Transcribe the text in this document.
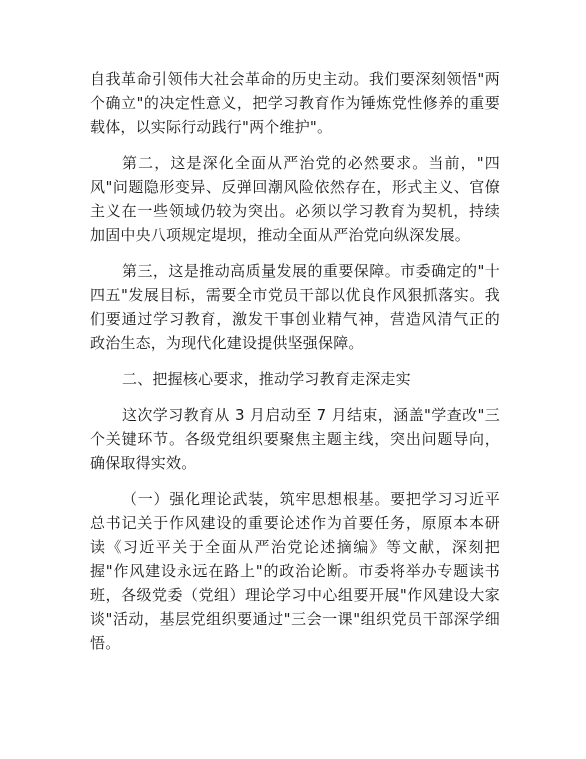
自我革命引领伟大社会革命的历史主动。我们要深刻领悟"两个确立"的决定性意义，把学习教育作为锤炼党性修养的重要载体，以实际行动践行"两个维护"。

第二，这是深化全面从严治党的必然要求。当前，"四风"问题隐形变异、反弹回潮风险依然存在，形式主义、官僚主义在一些领域仍较为突出。必须以学习教育为契机，持续加固中央八项规定堤坝，推动全面从严治党向纵深发展。

第三，这是推动高质量发展的重要保障。市委确定的"十四五"发展目标，需要全市党员干部以优良作风狠抓落实。我们要通过学习教育，激发干事创业精气神，营造风清气正的政治生态，为现代化建设提供坚强保障。

二、把握核心要求，推动学习教育走深走实

这次学习教育从 3 月启动至 7 月结束，涵盖"学查改"三个关键环节。各级党组织要聚焦主题主线，突出问题导向，确保取得实效。

（一）强化理论武装，筑牢思想根基。要把学习习近平总书记关于作风建设的重要论述作为首要任务，原原本本研读《习近平关于全面从严治党论述摘编》等文献，深刻把握"作风建设永远在路上"的政治论断。市委将举办专题读书班，各级党委（党组）理论学习中心组要开展"作风建设大家谈"活动，基层党组织要通过"三会一课"组织党员干部深学细悟。
